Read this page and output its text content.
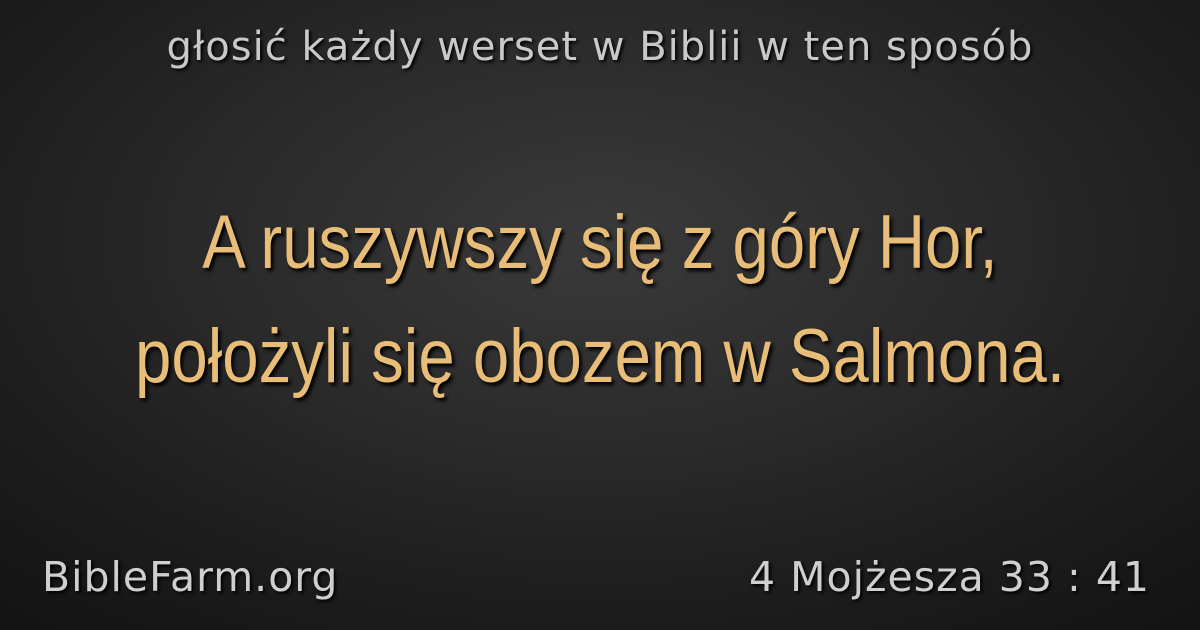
głosić każdy werset w Biblii w ten sposób
A ruszywszy się z góry Hor,
położyli się obozem w Salmona.
BibleFarm.org	4 Mojżesza 33 : 41
